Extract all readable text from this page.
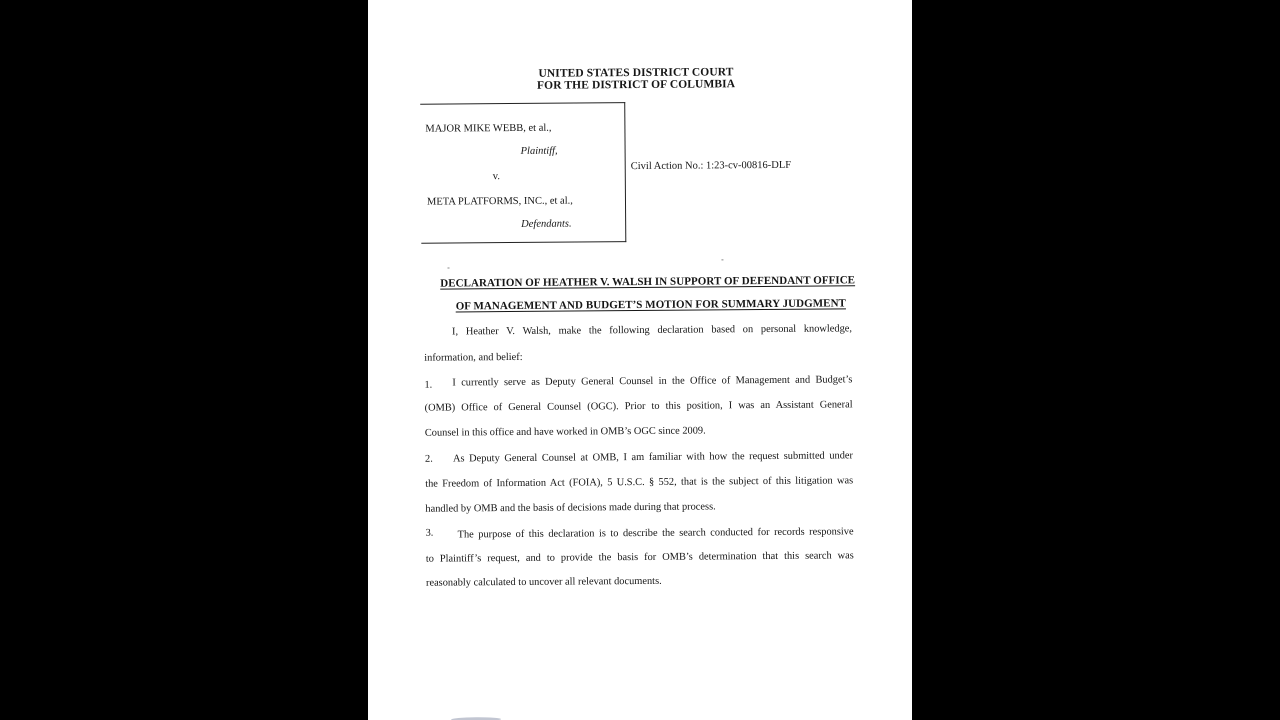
UNITED STATES DISTRICT COURT
FOR THE DISTRICT OF COLUMBIA
MAJOR MIKE WEBB, et al.,
Plaintiff,
v.
META PLATFORMS, INC., et al.,
Defendants.
Civil Action No.: 1:23-cv-00816-DLF
DECLARATION OF HEATHER V. WALSH IN SUPPORT OF DEFENDANT OFFICE
OF MANAGEMENT AND BUDGET’S MOTION FOR SUMMARY JUDGMENT
I, Heather V. Walsh, make the following declaration based on personal knowledge,
information, and belief:
1. I currently serve as Deputy General Counsel in the Office of Management and Budget’s
(OMB) Office of General Counsel (OGC). Prior to this position, I was an Assistant General
Counsel in this office and have worked in OMB’s OGC since 2009.
2. As Deputy General Counsel at OMB, I am familiar with how the request submitted under
the Freedom of Information Act (FOIA), 5 U.S.C. § 552, that is the subject of this litigation was
handled by OMB and the basis of decisions made during that process.
3. The purpose of this declaration is to describe the search conducted for records responsive
to Plaintiff’s request, and to provide the basis for OMB’s determination that this search was
reasonably calculated to uncover all relevant documents.
